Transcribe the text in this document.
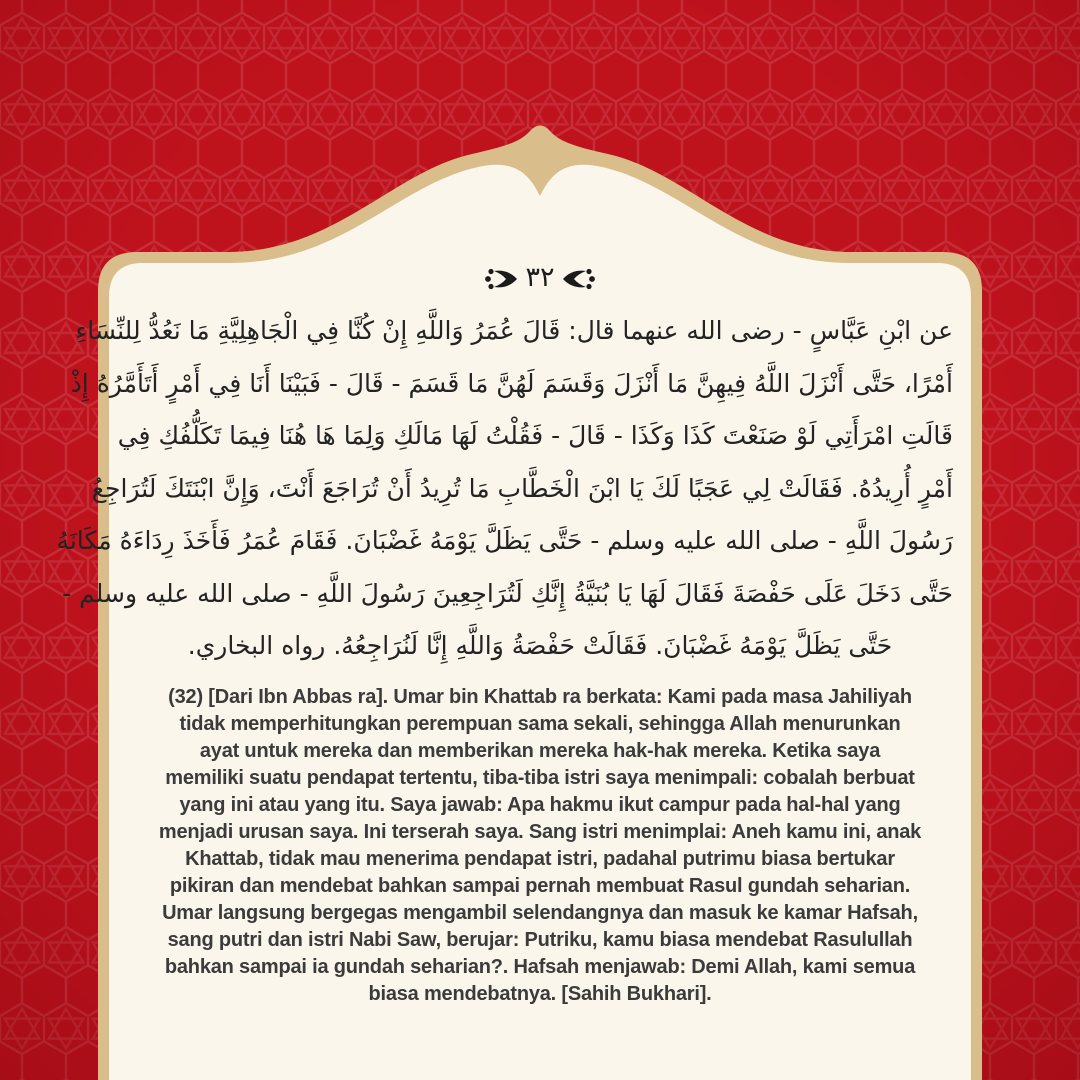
٣٢
عن ابْنِ عَبَّاسٍ - رضى الله عنهما قال: قَالَ عُمَرُ وَاللَّهِ إِنْ كُنَّا فِي الْجَاهِلِيَّةِ مَا نَعُدُّ لِلنِّسَاءِ
أَمْرًا، حَتَّى أَنْزَلَ اللَّهُ فِيهِنَّ مَا أَنْزَلَ وَقَسَمَ لَهُنَّ مَا قَسَمَ - قَالَ - فَبَيْنَا أَنَا فِي أَمْرٍ أَتَأَمَّرُهُ إِذْ
قَالَتِ امْرَأَتِي لَوْ صَنَعْتَ كَذَا وَكَذَا - قَالَ - فَقُلْتُ لَهَا مَالَكِ وَلِمَا هَا هُنَا فِيمَا تَكَلُّفُكِ فِي
أَمْرٍ أُرِيدُهُ. فَقَالَتْ لِي عَجَبًا لَكَ يَا ابْنَ الْخَطَّابِ مَا تُرِيدُ أَنْ تُرَاجَعَ أَنْتَ، وَإِنَّ ابْنَتَكَ لَتُرَاجِعُ
رَسُولَ اللَّهِ - صلى الله عليه وسلم - حَتَّى يَظَلَّ يَوْمَهُ غَضْبَانَ. فَقَامَ عُمَرُ فَأَخَذَ رِدَاءَهُ مَكَانَهُ
حَتَّى دَخَلَ عَلَى حَفْصَةَ فَقَالَ لَهَا يَا بُنَيَّةُ إِنَّكِ لَتُرَاجِعِينَ رَسُولَ اللَّهِ - صلى الله عليه وسلم -
حَتَّى يَظَلَّ يَوْمَهُ غَضْبَانَ. فَقَالَتْ حَفْصَةُ وَاللَّهِ إِنَّا لَنُرَاجِعُهُ. رواه البخاري.
(32) [Dari Ibn Abbas ra]. Umar bin Khattab ra berkata: Kami pada masa Jahiliyah
tidak memperhitungkan perempuan sama sekali, sehingga Allah menurunkan
ayat untuk mereka dan memberikan mereka hak-hak mereka. Ketika saya
memiliki suatu pendapat tertentu, tiba-tiba istri saya menimpali: cobalah berbuat
yang ini atau yang itu. Saya jawab: Apa hakmu ikut campur pada hal-hal yang
menjadi urusan saya. Ini terserah saya. Sang istri menimplai: Aneh kamu ini, anak
Khattab, tidak mau menerima pendapat istri, padahal putrimu biasa bertukar
pikiran dan mendebat bahkan sampai pernah membuat Rasul gundah seharian.
Umar langsung bergegas mengambil selendangnya dan masuk ke kamar Hafsah,
sang putri dan istri Nabi Saw, berujar: Putriku, kamu biasa mendebat Rasulullah
bahkan sampai ia gundah seharian?. Hafsah menjawab: Demi Allah, kami semua
biasa mendebatnya. [Sahih Bukhari].
